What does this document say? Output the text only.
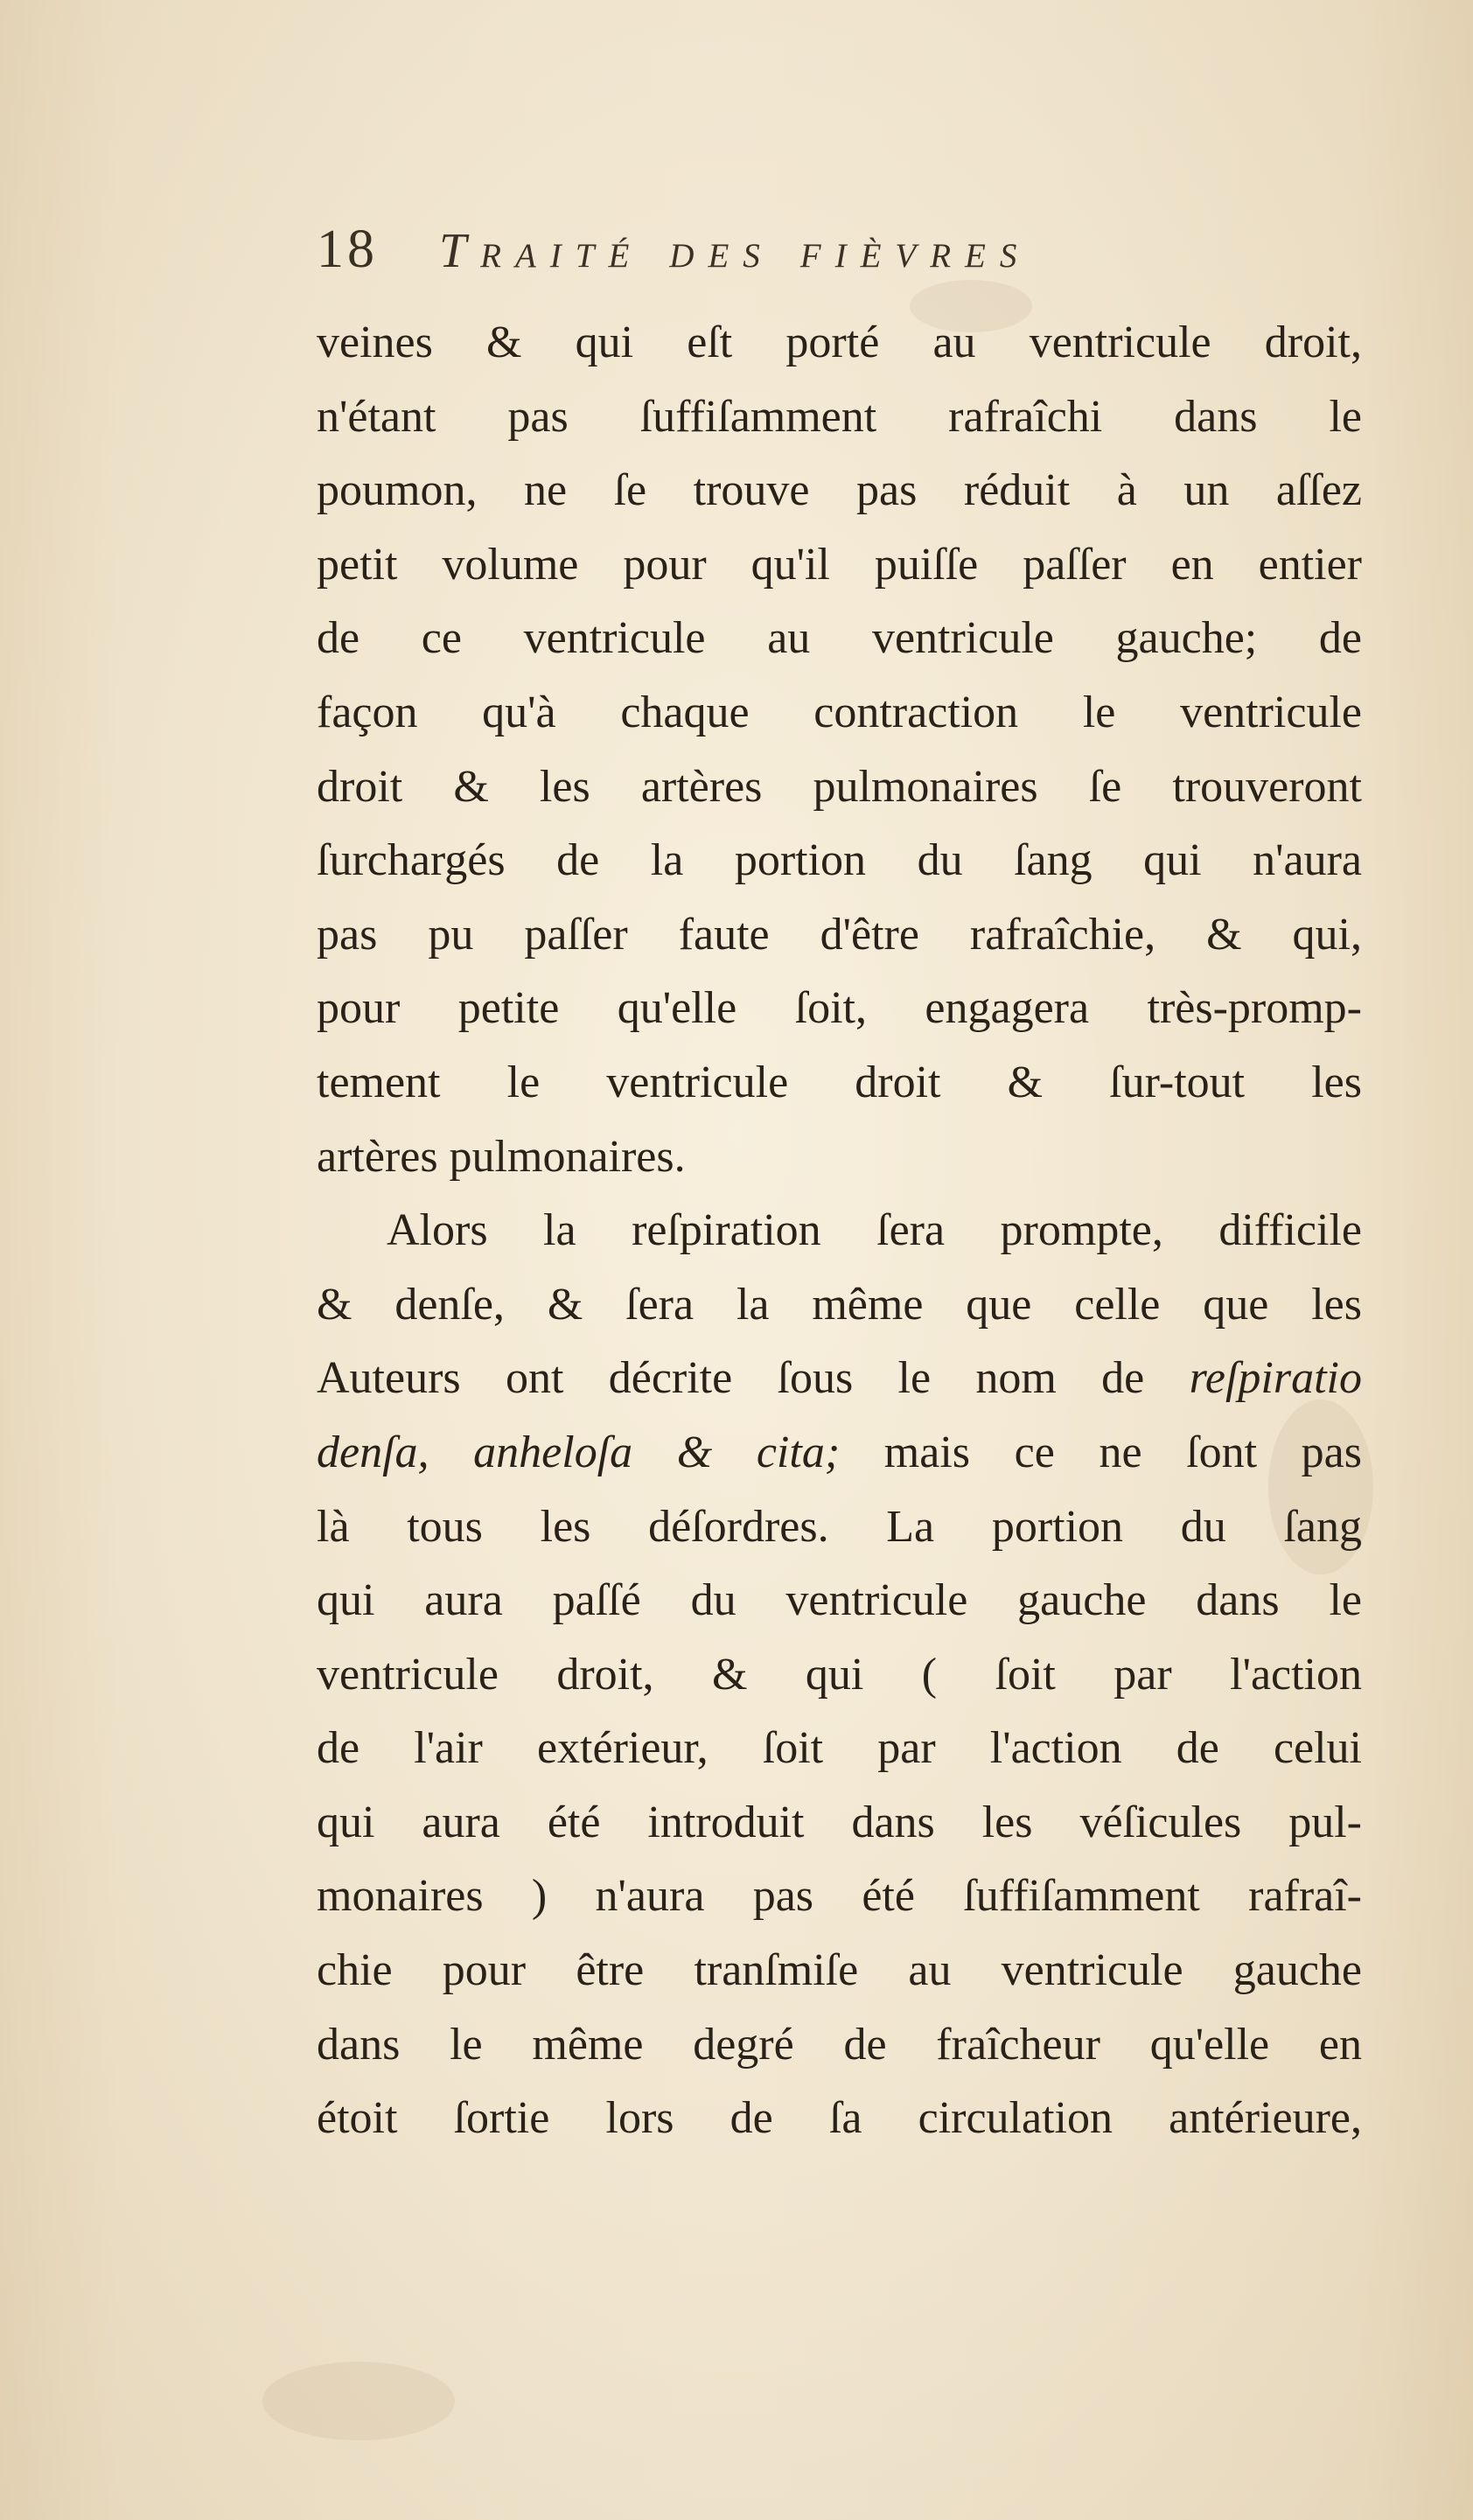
18 Traité des fièvres
veines & qui eſt porté au ventricule droit,
n'étant pas ſuffiſamment rafraîchi dans le
poumon, ne ſe trouve pas réduit à un aſſez
petit volume pour qu'il puiſſe paſſer en entier
de ce ventricule au ventricule gauche; de
façon qu'à chaque contraction le ventricule
droit & les artères pulmonaires ſe trouveront
ſurchargés de la portion du ſang qui n'aura
pas pu paſſer faute d'être rafraîchie, & qui,
pour petite qu'elle ſoit, engagera très-promp-
tement le ventricule droit & ſur-tout les
artères pulmonaires.
Alors la reſpiration ſera prompte, difficile
& denſe, & ſera la même que celle que les
Auteurs ont décrite ſous le nom de reſpiratio
denſa, anheloſa & cita; mais ce ne ſont pas
là tous les déſordres. La portion du ſang
qui aura paſſé du ventricule gauche dans le
ventricule droit, & qui ( ſoit par l'action
de l'air extérieur, ſoit par l'action de celui
qui aura été introduit dans les véſicules pul-
monaires ) n'aura pas été ſuffiſamment rafraî-
chie pour être tranſmiſe au ventricule gauche
dans le même degré de fraîcheur qu'elle en
étoit ſortie lors de ſa circulation antérieure,
